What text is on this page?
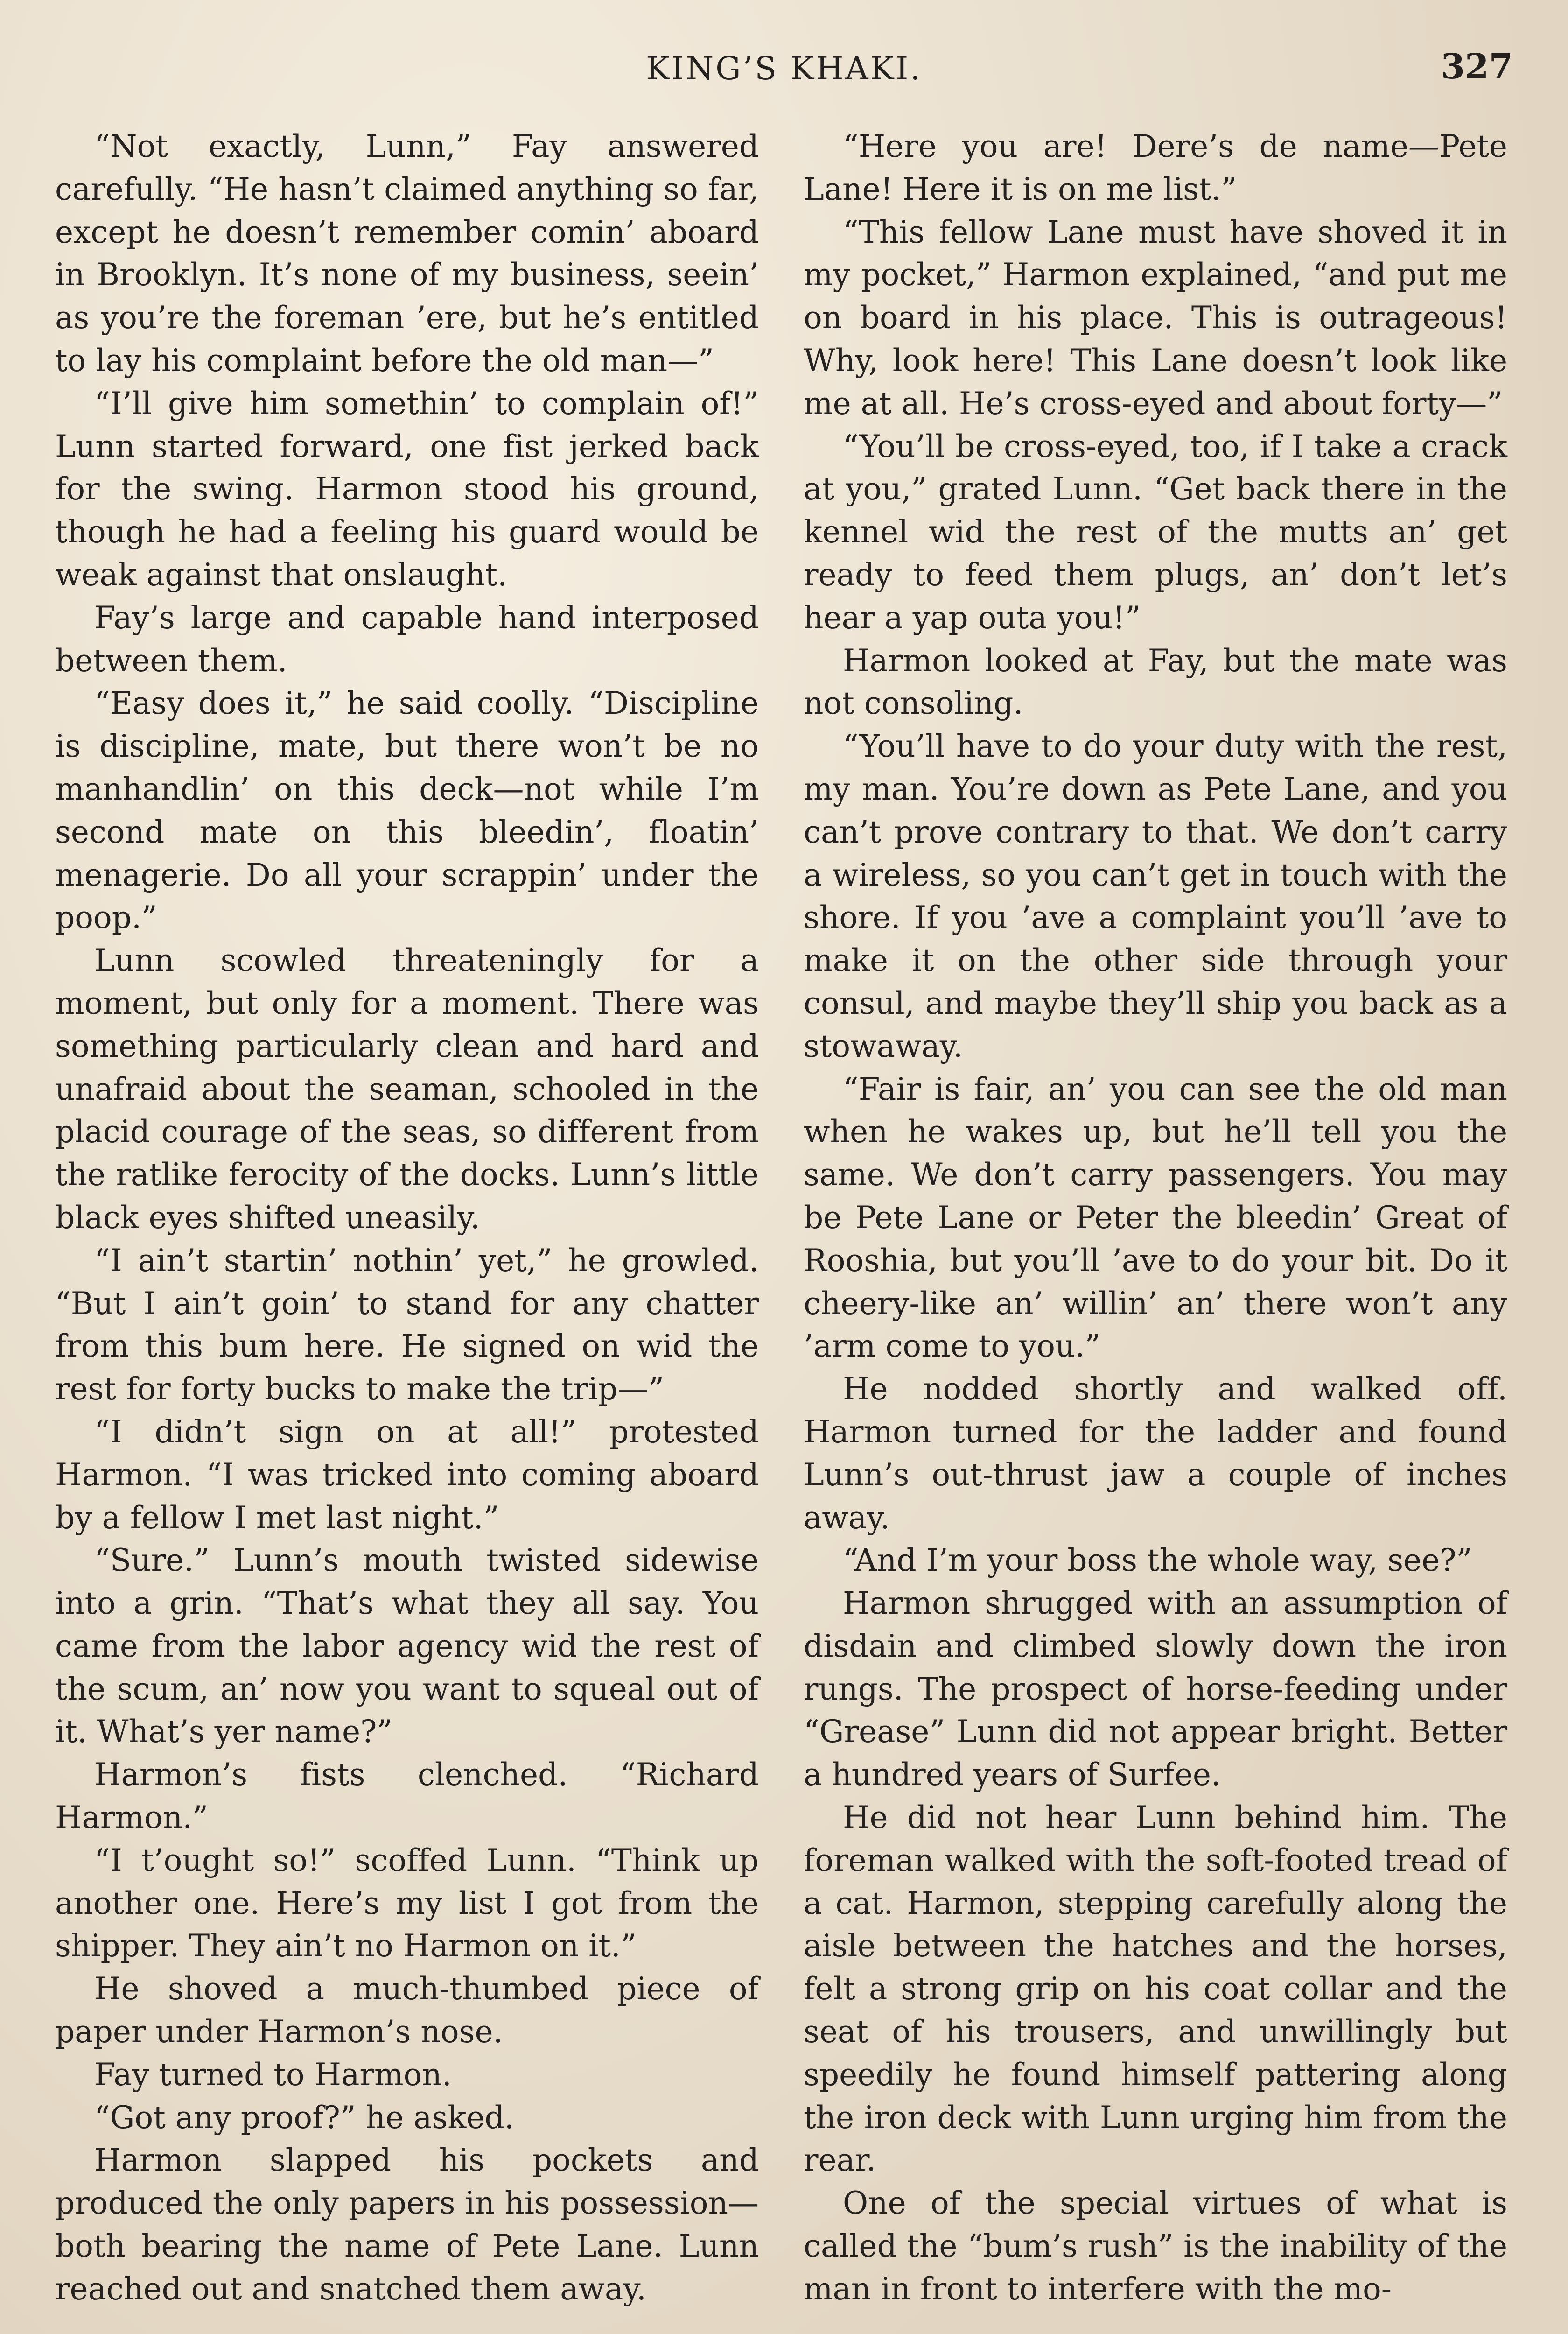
KING’S KHAKI.	327

“Not exactly, Lunn,” Fay answered carefully. “He hasn’t claimed anything so far, except he doesn’t remember comin’ aboard in Brooklyn. It’s none of my business, seein’ as you’re the foreman ’ere, but he’s entitled to lay his complaint before the old man—”

“I’ll give him somethin’ to complain of!” Lunn started forward, one fist jerked back for the swing. Harmon stood his ground, though he had a feeling his guard would be weak against that onslaught.

Fay’s large and capable hand interposed between them.

“Easy does it,” he said coolly. “Discipline is discipline, mate, but there won’t be no manhandlin’ on this deck—not while I’m second mate on this bleedin’, floatin’ menagerie. Do all your scrappin’ under the poop.”

Lunn scowled threateningly for a moment, but only for a moment. There was something particularly clean and hard and unafraid about the seaman, schooled in the placid courage of the seas, so different from the ratlike ferocity of the docks. Lunn’s little black eyes shifted uneasily.

“I ain’t startin’ nothin’ yet,” he growled. “But I ain’t goin’ to stand for any chatter from this bum here. He signed on wid the rest for forty bucks to make the trip—”

“I didn’t sign on at all!” protested Harmon. “I was tricked into coming aboard by a fellow I met last night.”

“Sure.” Lunn’s mouth twisted sidewise into a grin. “That’s what they all say. You came from the labor agency wid the rest of the scum, an’ now you want to squeal out of it. What’s yer name?”

Harmon’s fists clenched. “Richard Harmon.”

“I t’ought so!” scoffed Lunn. “Think up another one. Here’s my list I got from the shipper. They ain’t no Harmon on it.”

He shoved a much-thumbed piece of paper under Harmon’s nose.

Fay turned to Harmon.

“Got any proof?” he asked.

Harmon slapped his pockets and produced the only papers in his possession—both bearing the name of Pete Lane. Lunn reached out and snatched them away.

“Here you are! Dere’s de name—Pete Lane! Here it is on me list.”

“This fellow Lane must have shoved it in my pocket,” Harmon explained, “and put me on board in his place. This is outrageous! Why, look here! This Lane doesn’t look like me at all. He’s cross-eyed and about forty—”

“You’ll be cross-eyed, too, if I take a crack at you,” grated Lunn. “Get back there in the kennel wid the rest of the mutts an’ get ready to feed them plugs, an’ don’t let’s hear a yap outa you!”

Harmon looked at Fay, but the mate was not consoling.

“You’ll have to do your duty with the rest, my man. You’re down as Pete Lane, and you can’t prove contrary to that. We don’t carry a wireless, so you can’t get in touch with the shore. If you ’ave a complaint you’ll ’ave to make it on the other side through your consul, and maybe they’ll ship you back as a stowaway.

“Fair is fair, an’ you can see the old man when he wakes up, but he’ll tell you the same. We don’t carry passengers. You may be Pete Lane or Peter the bleedin’ Great of Rooshia, but you’ll ’ave to do your bit. Do it cheery-like an’ willin’ an’ there won’t any ’arm come to you.”

He nodded shortly and walked off. Harmon turned for the ladder and found Lunn’s out-thrust jaw a couple of inches away.

“And I’m your boss the whole way, see?”

Harmon shrugged with an assumption of disdain and climbed slowly down the iron rungs. The prospect of horse-feeding under “Grease” Lunn did not appear bright. Better a hundred years of Surfee.

He did not hear Lunn behind him. The foreman walked with the soft-footed tread of a cat. Harmon, stepping carefully along the aisle between the hatches and the horses, felt a strong grip on his coat collar and the seat of his trousers, and unwillingly but speedily he found himself pattering along the iron deck with Lunn urging him from the rear.

One of the special virtues of what is called the “bum’s rush” is the inability of the man in front to interfere with the mo-
